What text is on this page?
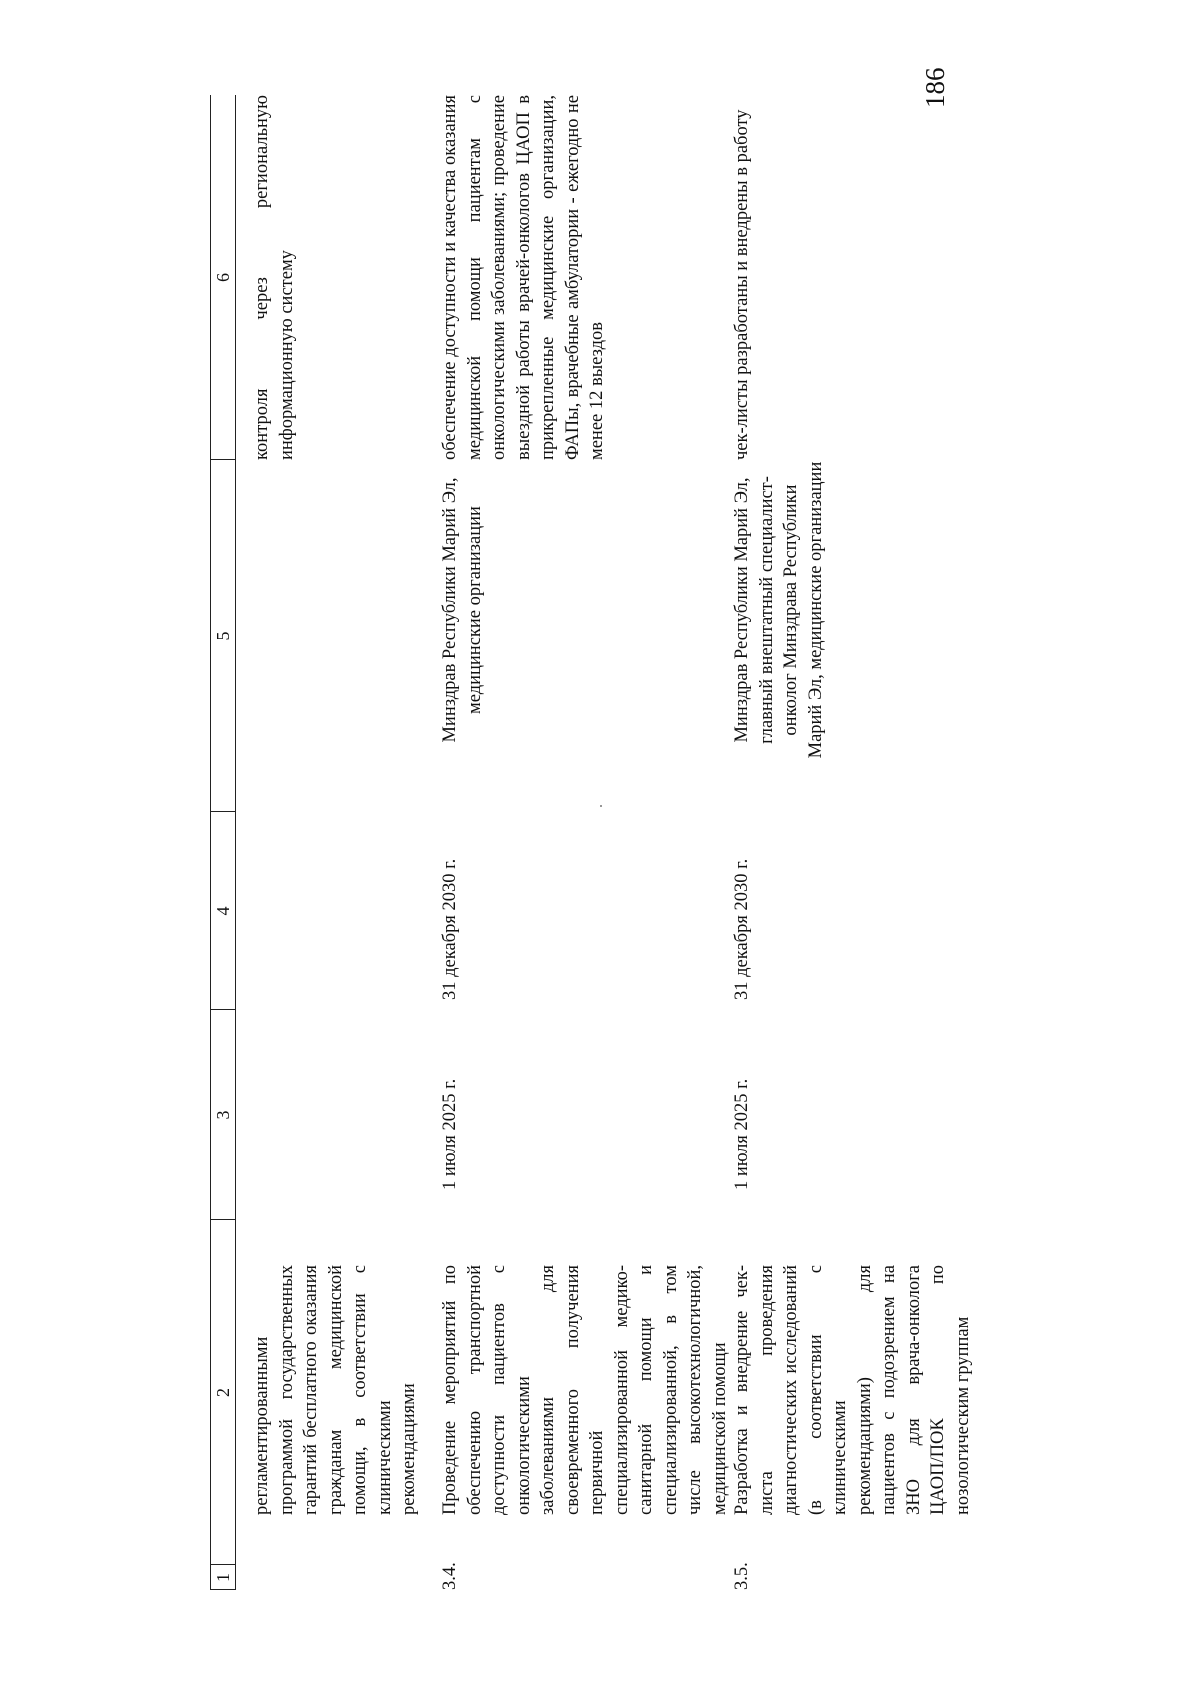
186
1
2
3
4
5
6
регламентированными программой государственных гарантий бесплатного оказания гражданам медицинской помощи, в соответствии с клиническими рекомендациями
контроля через региональную информационную систему
3.4.
Проведение мероприятий по обеспечению транспортной доступности пациентов с онкологическими заболеваниями для своевременного получения первичной специализированной медико-санитарной помощи и специализированной, в том числе высокотехнологичной, медицинской помощи
1 июля 2025 г.
31 декабря 2030 г.
Минздрав Республики Марий Эл, медицинские организации
обеспечение доступности и качества оказания медицинской помощи пациентам с онкологическими заболеваниями; проведение выездной работы врачей-онкологов ЦАОП в прикрепленные медицинские организации, ФАПы, врачебные амбулатории - ежегодно не менее 12 выездов
3.5.
Разработка и внедрение чек-листа проведения диагностических исследований (в соответствии с клиническими рекомендациями) для пациентов с подозрением на ЗНО для врача-онколога ЦАОП/ПОК по нозологическим группам
1 июля 2025 г.
31 декабря 2030 г.
Минздрав Республики Марий Эл, главный внештатный специалист-онколог Минздрава Республики Марий Эл, медицинские организации
чек-листы разработаны и внедрены в работу
